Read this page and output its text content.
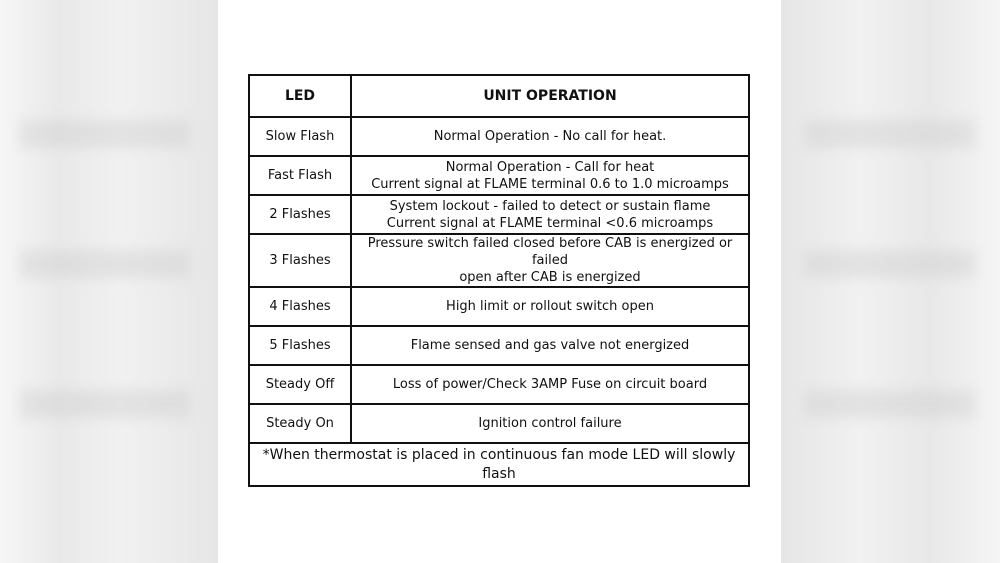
LED	UNIT OPERATION
Slow Flash	Normal Operation - No call for heat.

Fast Flash	Normal Operation - Call for heat
Current signal at FLAME terminal 0.6 to 1.0 microamps

2 Flashes	System lockout - failed to detect or sustain flame
Current signal at FLAME terminal <0.6 microamps

3 Flashes	Pressure switch failed closed before CAB is energized or failed
open after CAB is energized

4 Flashes	High limit or rollout switch open

5 Flashes	Flame sensed and gas valve not energized

Steady Off	Loss of power/Check 3AMP Fuse on circuit board

Steady On	Ignition control failure

*When thermostat is placed in continuous fan mode LED will slowly flash	
